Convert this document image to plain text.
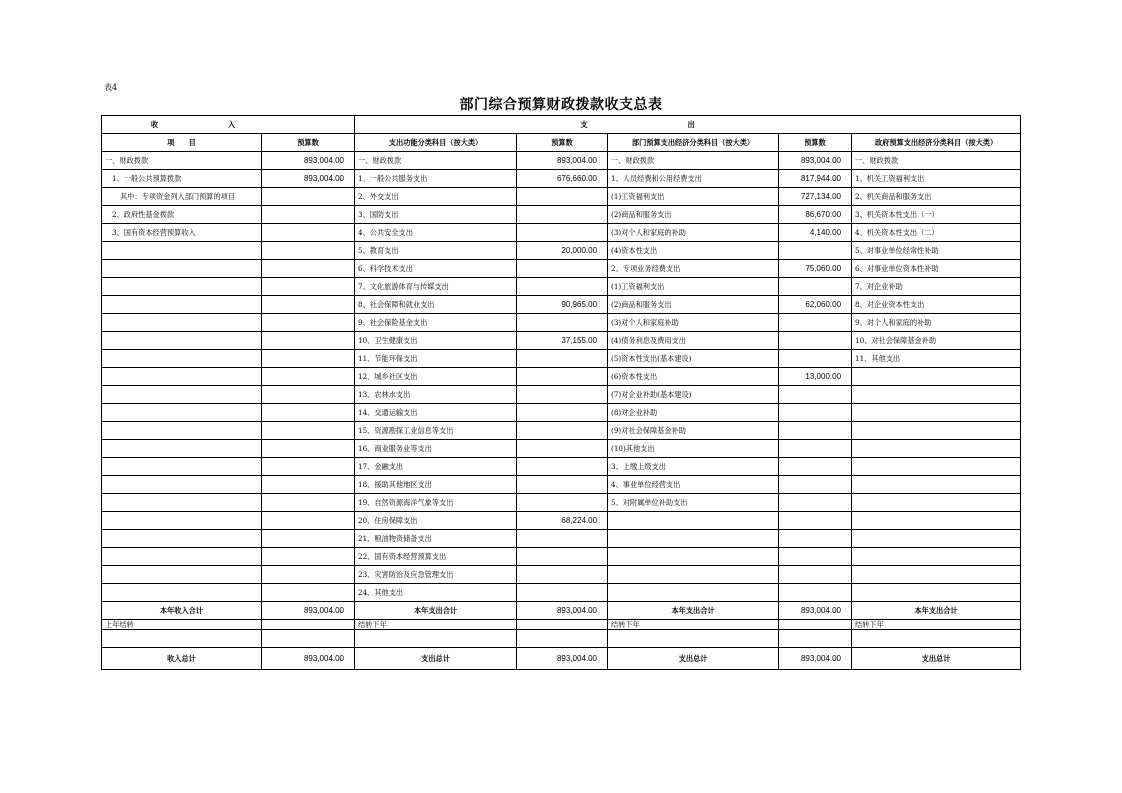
表4
部门综合预算财政拨款收支总表
收入		支出				
项　　目	预算数	支出功能分类科目（按大类）	预算数	部门预算支出经济分类科目（按大类）	预算数	政府预算支出经济分类科目（按大类）
一、财政拨款	893,004.00	一、财政拨款	893,004.00	一、财政拨款	893,004.00	一、财政拨款
1、一般公共预算拨款	893,004.00	1、一般公共服务支出	676,660.00	1、人员经费和公用经费支出	817,944.00	1、机关工资福利支出
其中：专项资金列入部门预算的项目		2、外交支出		(1)工资福利支出	727,134.00	2、机关商品和服务支出
2、政府性基金拨款		3、国防支出		(2)商品和服务支出	86,670.00	3、机关资本性支出（一）
3、国有资本经营预算收入		4、公共安全支出		(3)对个人和家庭的补助	4,140.00	4、机关资本性支出（二）
		5、教育支出	20,000.00	(4)资本性支出		5、对事业单位经常性补助
		6、科学技术支出		2、专项业务经费支出	75,060.00	6、对事业单位资本性补助
		7、文化旅游体育与传媒支出		(1)工资福利支出		7、对企业补助
		8、社会保障和就业支出	90,965.00	(2)商品和服务支出	62,060.00	8、对企业资本性支出
		9、社会保险基金支出		(3)对个人和家庭补助		9、对个人和家庭的补助
		10、卫生健康支出	37,155.00	(4)债务利息及费用支出		10、对社会保障基金补助
		11、节能环保支出		(5)资本性支出(基本建设)		11、其他支出
		12、城乡社区支出		(6)资本性支出	13,000.00	
		13、农林水支出		(7)对企业补助(基本建设)		
		14、交通运输支出		(8)对企业补助		
		15、资源勘探工业信息等支出		(9)对社会保障基金补助		
		16、商业服务业等支出		(10)其他支出		
		17、金融支出		3、上缴上级支出		
		18、援助其他地区支出		4、事业单位经营支出		
		19、自然资源海洋气象等支出		5、对附属单位补助支出		
		20、住房保障支出	68,224.00			
		21、粮油物资储备支出				
		22、国有资本经营预算支出				
		23、灾害防治及应急管理支出				
		24、其他支出				
本年收入合计	893,004.00	本年支出合计	893,004.00	本年支出合计	893,004.00	本年支出合计
上年结转		结转下年		结转下年		结转下年

收入总计	893,004.00	支出总计	893,004.00	支出总计	893,004.00	支出总计
